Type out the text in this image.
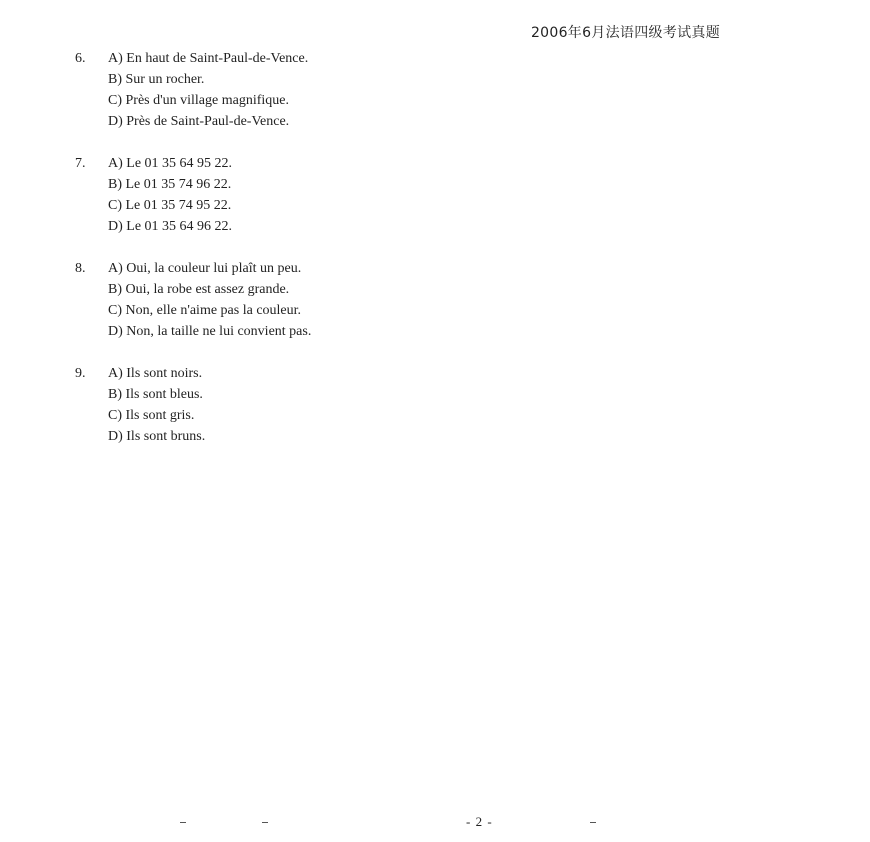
2006年6月法语四级考试真题
6.	A) En haut de Saint-Paul-de-Vence.
B) Sur un rocher.
C) Près d'un village magnifique.
D) Près de Saint-Paul-de-Vence.
7.	A) Le 01 35 64 95 22.
B) Le 01 35 74 96 22.
C) Le 01 35 74 95 22.
D) Le 01 35 64 96 22.
8.	A) Oui, la couleur lui plaît un peu.
B) Oui, la robe est assez grande.
C) Non, elle n'aime pas la couleur.
D) Non, la taille ne lui convient pas.
9.	A) Ils sont noirs.
B) Ils sont bleus.
C) Ils sont gris.
D) Ils sont bruns.
- 2 -
